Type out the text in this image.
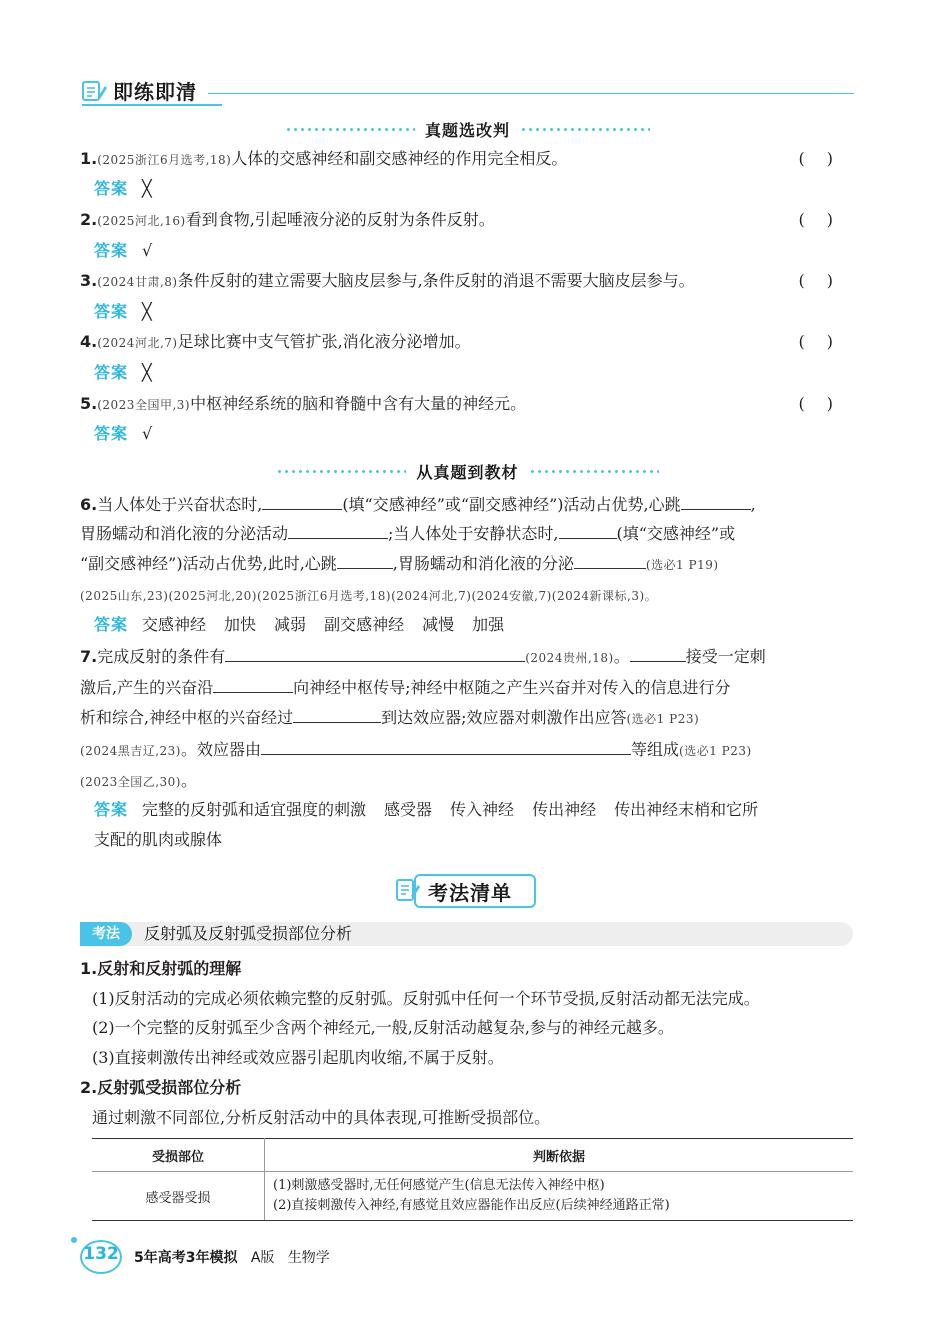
即练即清
真题选改判
1.(2025浙江6月选考,18)人体的交感神经和副交感神经的作用完全相反。	()
答案 ╳
2.(2025河北,16)看到食物,引起唾液分泌的反射为条件反射。	()
答案 √
3.(2024甘肃,8)条件反射的建立需要大脑皮层参与,条件反射的消退不需要大脑皮层参与。	()
答案 ╳
4.(2024河北,7)足球比赛中支气管扩张,消化液分泌增加。	()
答案 ╳
5.(2023全国甲,3)中枢神经系统的脑和脊髓中含有大量的神经元。	()
答案 √
从真题到教材
6.当人体处于兴奋状态时,	(填“交感神经”或“副交感神经”)活动占优势,心跳	,
胃肠蠕动和消化液的分泌活动	;当人体处于安静状态时,	(填“交感神经”或
“副交感神经”)活动占优势,此时,心跳	,胃肠蠕动和消化液的分泌	(选必1 P19)
(2025山东,23)(2025河北,20)(2025浙江6月选考,18)(2024河北,7)(2024安徽,7)(2024新课标,3)。
答案 交感神经 加快 减弱 副交感神经 减慢 加强
7.完成反射的条件有	(2024贵州,18)。	接受一定刺
激后,产生的兴奋沿	向神经中枢传导;神经中枢随之产生兴奋并对传入的信息进行分
析和综合,神经中枢的兴奋经过	到达效应器;效应器对刺激作出应答(选必1 P23)
(2024黑吉辽,23)。效应器由	等组成(选必1 P23)
(2023全国乙,30)。
答案 完整的反射弧和适宜强度的刺激 感受器 传入神经 传出神经 传出神经末梢和它所
支配的肌肉或腺体
考法清单
考法	反射弧及反射弧受损部位分析
1.反射和反射弧的理解
(1)反射活动的完成必须依赖完整的反射弧。反射弧中任何一个环节受损,反射活动都无法完成。
(2)一个完整的反射弧至少含两个神经元,一般,反射活动越复杂,参与的神经元越多。
(3)直接刺激传出神经或效应器引起肌肉收缩,不属于反射。
2.反射弧受损部位分析
通过刺激不同部位,分析反射活动中的具体表现,可推断受损部位。
受损部位	判断依据
感受器受损	(1)刺激感受器时,无任何感觉产生(信息无法传入神经中枢)
(2)直接刺激传入神经,有感觉且效应器能作出反应(后续神经通路正常)
132 5年高考3年模拟 A版 生物学
